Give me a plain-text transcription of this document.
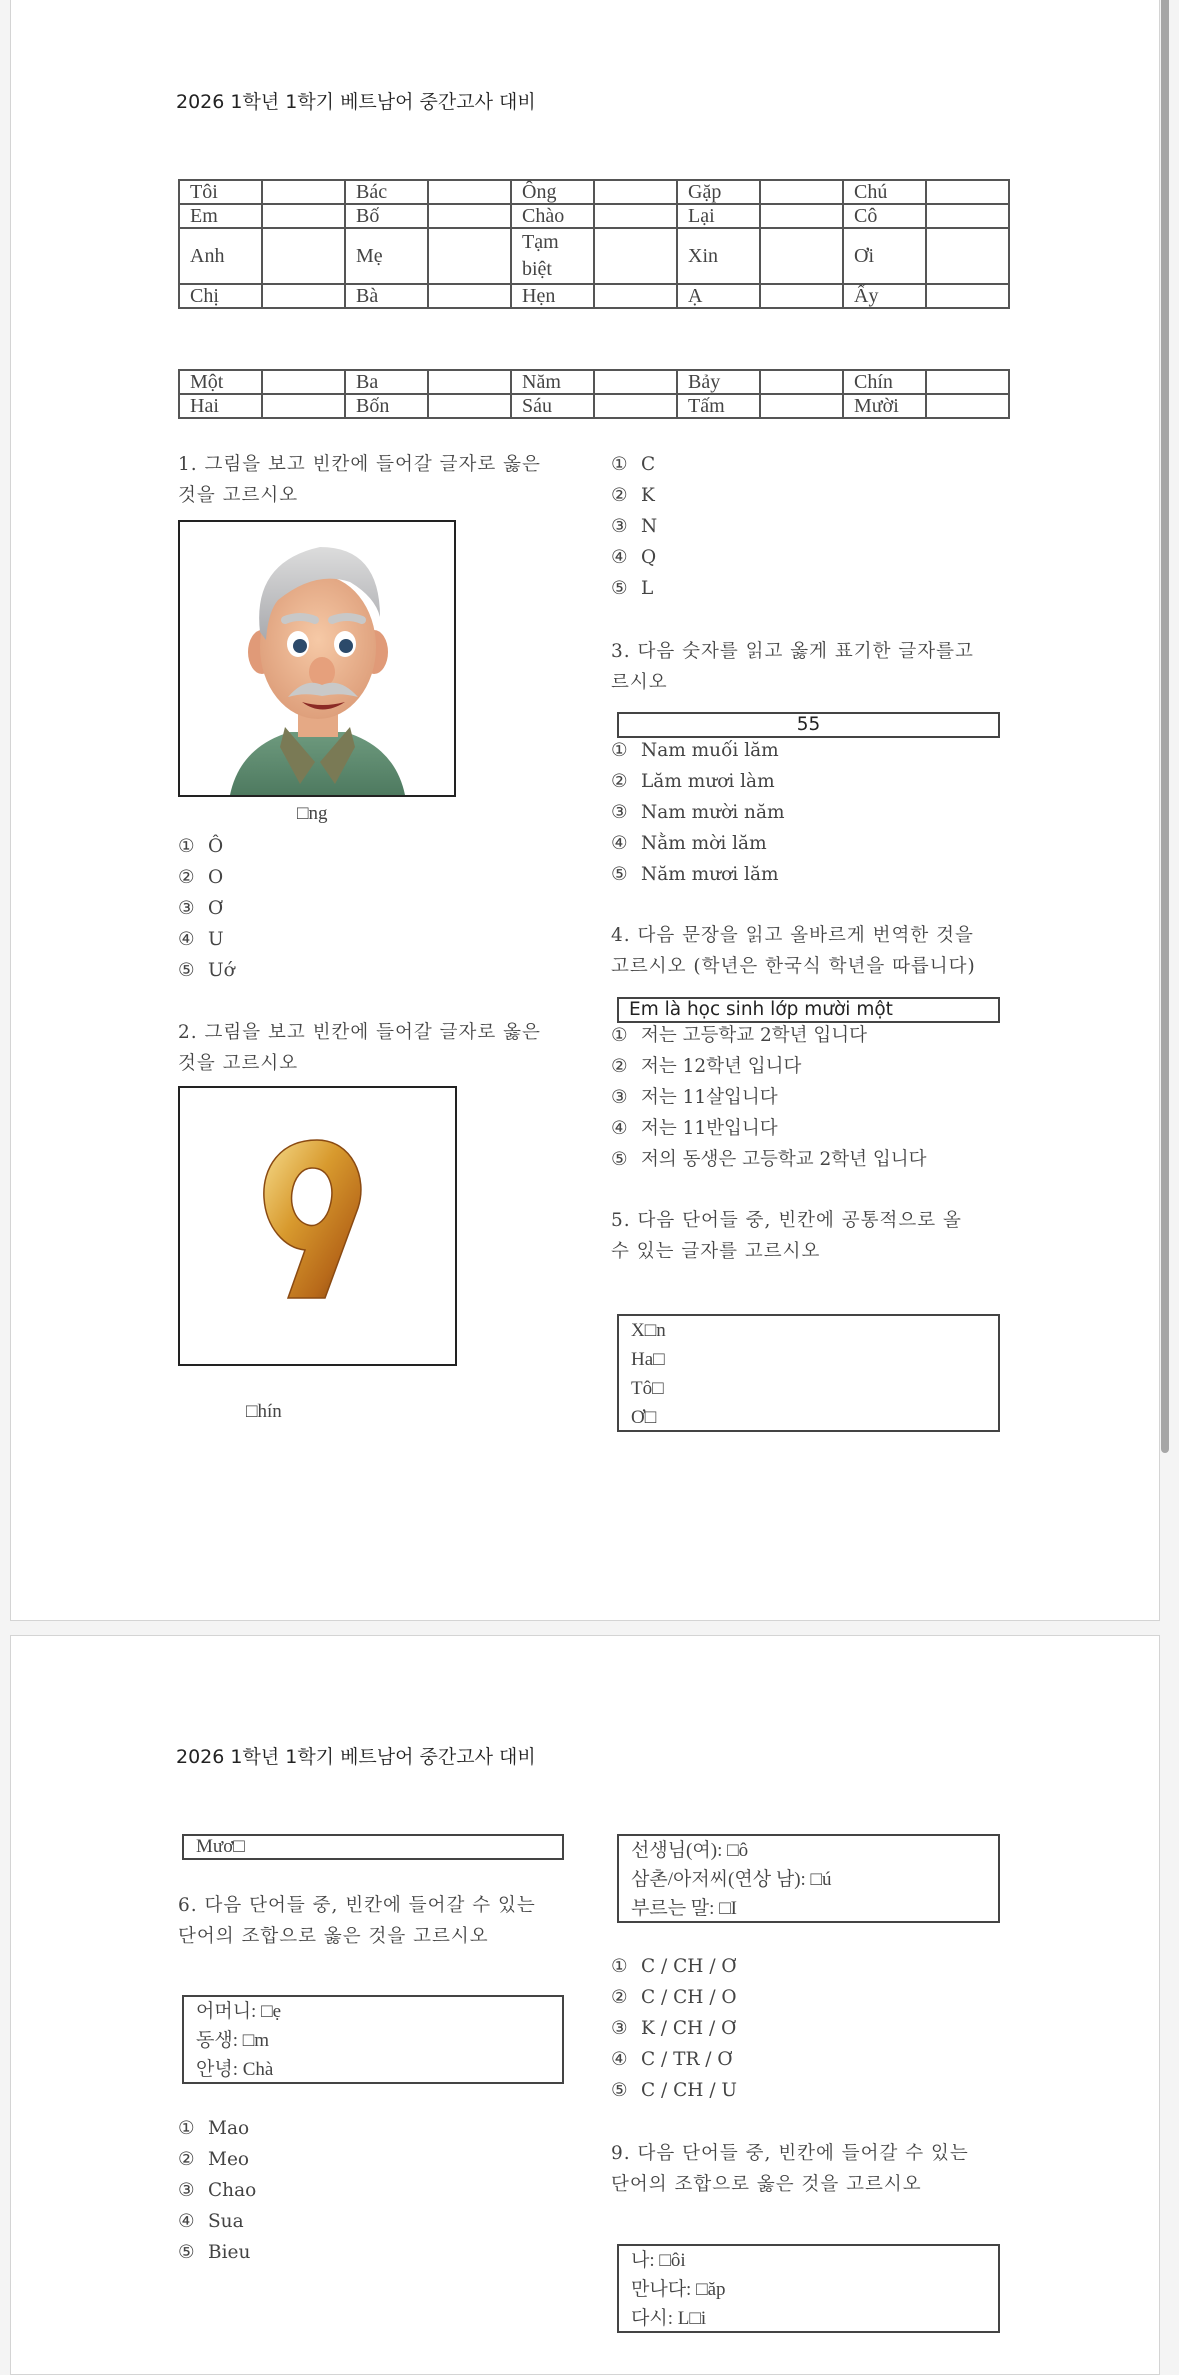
2026 1학년 1학기 베트남어 중간고사 대비
Tôi		Bác		Ông		Gặp		Chú	
Em		Bố		Chào		Lại		Cô	
Anh		Mẹ		Tạm biệt		Xin		Ơi	
Chị		Bà		Hẹn		Ạ		Ấy	
Một		Ba		Năm		Bảy		Chín	
Hai		Bốn		Sáu		Tấm		Mười	
1. 그림을 보고 빈칸에 들어갈 글자로 옳은
것을 고르시오
□ng
① Ô
② O
③ Ơ
④ U
⑤ Uớ
2. 그림을 보고 빈칸에 들어갈 글자로 옳은
것을 고르시오
□hín
① C
② K
③ N
④ Q
⑤ L
3. 다음 숫자를 읽고 옳게 표기한 글자를고
르시오
55
① Nam muối lăm
② Lăm mươi làm
③ Nam mười năm
④ Nằm mời lăm
⑤ Năm mươi lăm
4. 다음 문장을 읽고 올바르게 번역한 것을
고르시오 (학년은 한국식 학년을 따릅니다)
Em là học sinh lớp mười một
① 저는 고등학교 2학년 입니다
② 저는 12학년 입니다
③ 저는 11살입니다
④ 저는 11반입니다
⑤ 저의 동생은 고등학교 2학년 입니다
5. 다음 단어들 중, 빈칸에 공통적으로 올
수 있는 글자를 고르시오
X□n
Ha□
Tô□
Ơ□
2026 1학년 1학기 베트남어 중간고사 대비
Mươ□
6. 다음 단어들 중, 빈칸에 들어갈 수 있는
단어의 조합으로 옳은 것을 고르시오
어머니: □ẹ
동생: □m
안녕: Chà
① Mao
② Meo
③ Chao
④ Sua
⑤ Bieu
선생님(여): □ô
삼촌/아저씨(연상 남): □ú
부르는 말: □I
① C / CH / Ơ
② C / CH / O
③ K / CH / Ơ
④ C / TR / Ơ
⑤ C / CH / U
9. 다음 단어들 중, 빈칸에 들어갈 수 있는
단어의 조합으로 옳은 것을 고르시오
나: □ôi
만나다: □ăp
다시: L□i
